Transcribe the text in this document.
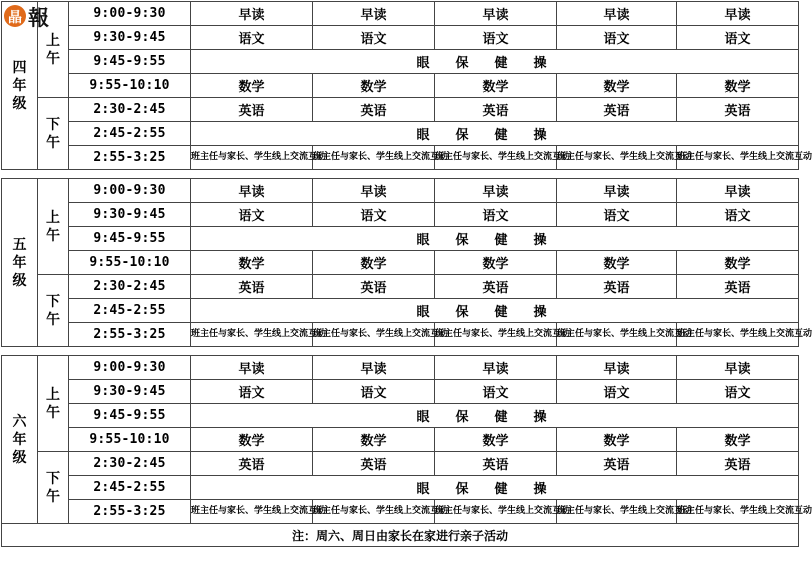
四
年
级	上
午	9:00-9:30	早读	早读	早读	早读	早读
		9:30-9:45	语文	语文	语文	语文	语文
		9:45-9:55	眼保健操				
		9:55-10:10	数学	数学	数学	数学	数学

	下
午	2:30-2:45	英语	英语	英语	英语	英语
		2:45-2:55	眼保健操				
		2:55-3:25	班主任与家长、学生线上交流互动	班主任与家长、学生线上交流互动	班主任与家长、学生线上交流互动	班主任与家长、学生线上交流互动	班主任与家长、学生线上交流互动

五
年
级	上
午	9:00-9:30	早读	早读	早读	早读	早读
		9:30-9:45	语文	语文	语文	语文	语文
		9:45-9:55	眼保健操				
		9:55-10:10	数学	数学	数学	数学	数学

	下
午	2:30-2:45	英语	英语	英语	英语	英语
		2:45-2:55	眼保健操				
		2:55-3:25	班主任与家长、学生线上交流互动	班主任与家长、学生线上交流互动	班主任与家长、学生线上交流互动	班主任与家长、学生线上交流互动	班主任与家长、学生线上交流互动

六
年
级	上
午	9:00-9:30	早读	早读	早读	早读	早读
		9:30-9:45	语文	语文	语文	语文	语文
		9:45-9:55	眼保健操				
		9:55-10:10	数学	数学	数学	数学	数学

	下
午	2:30-2:45	英语	英语	英语	英语	英语
		2:45-2:55	眼保健操				
		2:55-3:25	班主任与家长、学生线上交流互动	班主任与家长、学生线上交流互动	班主任与家长、学生线上交流互动	班主任与家长、学生线上交流互动	班主任与家长、学生线上交流互动
注：周六、周日由家长在家进行亲子活动							
晶 報
